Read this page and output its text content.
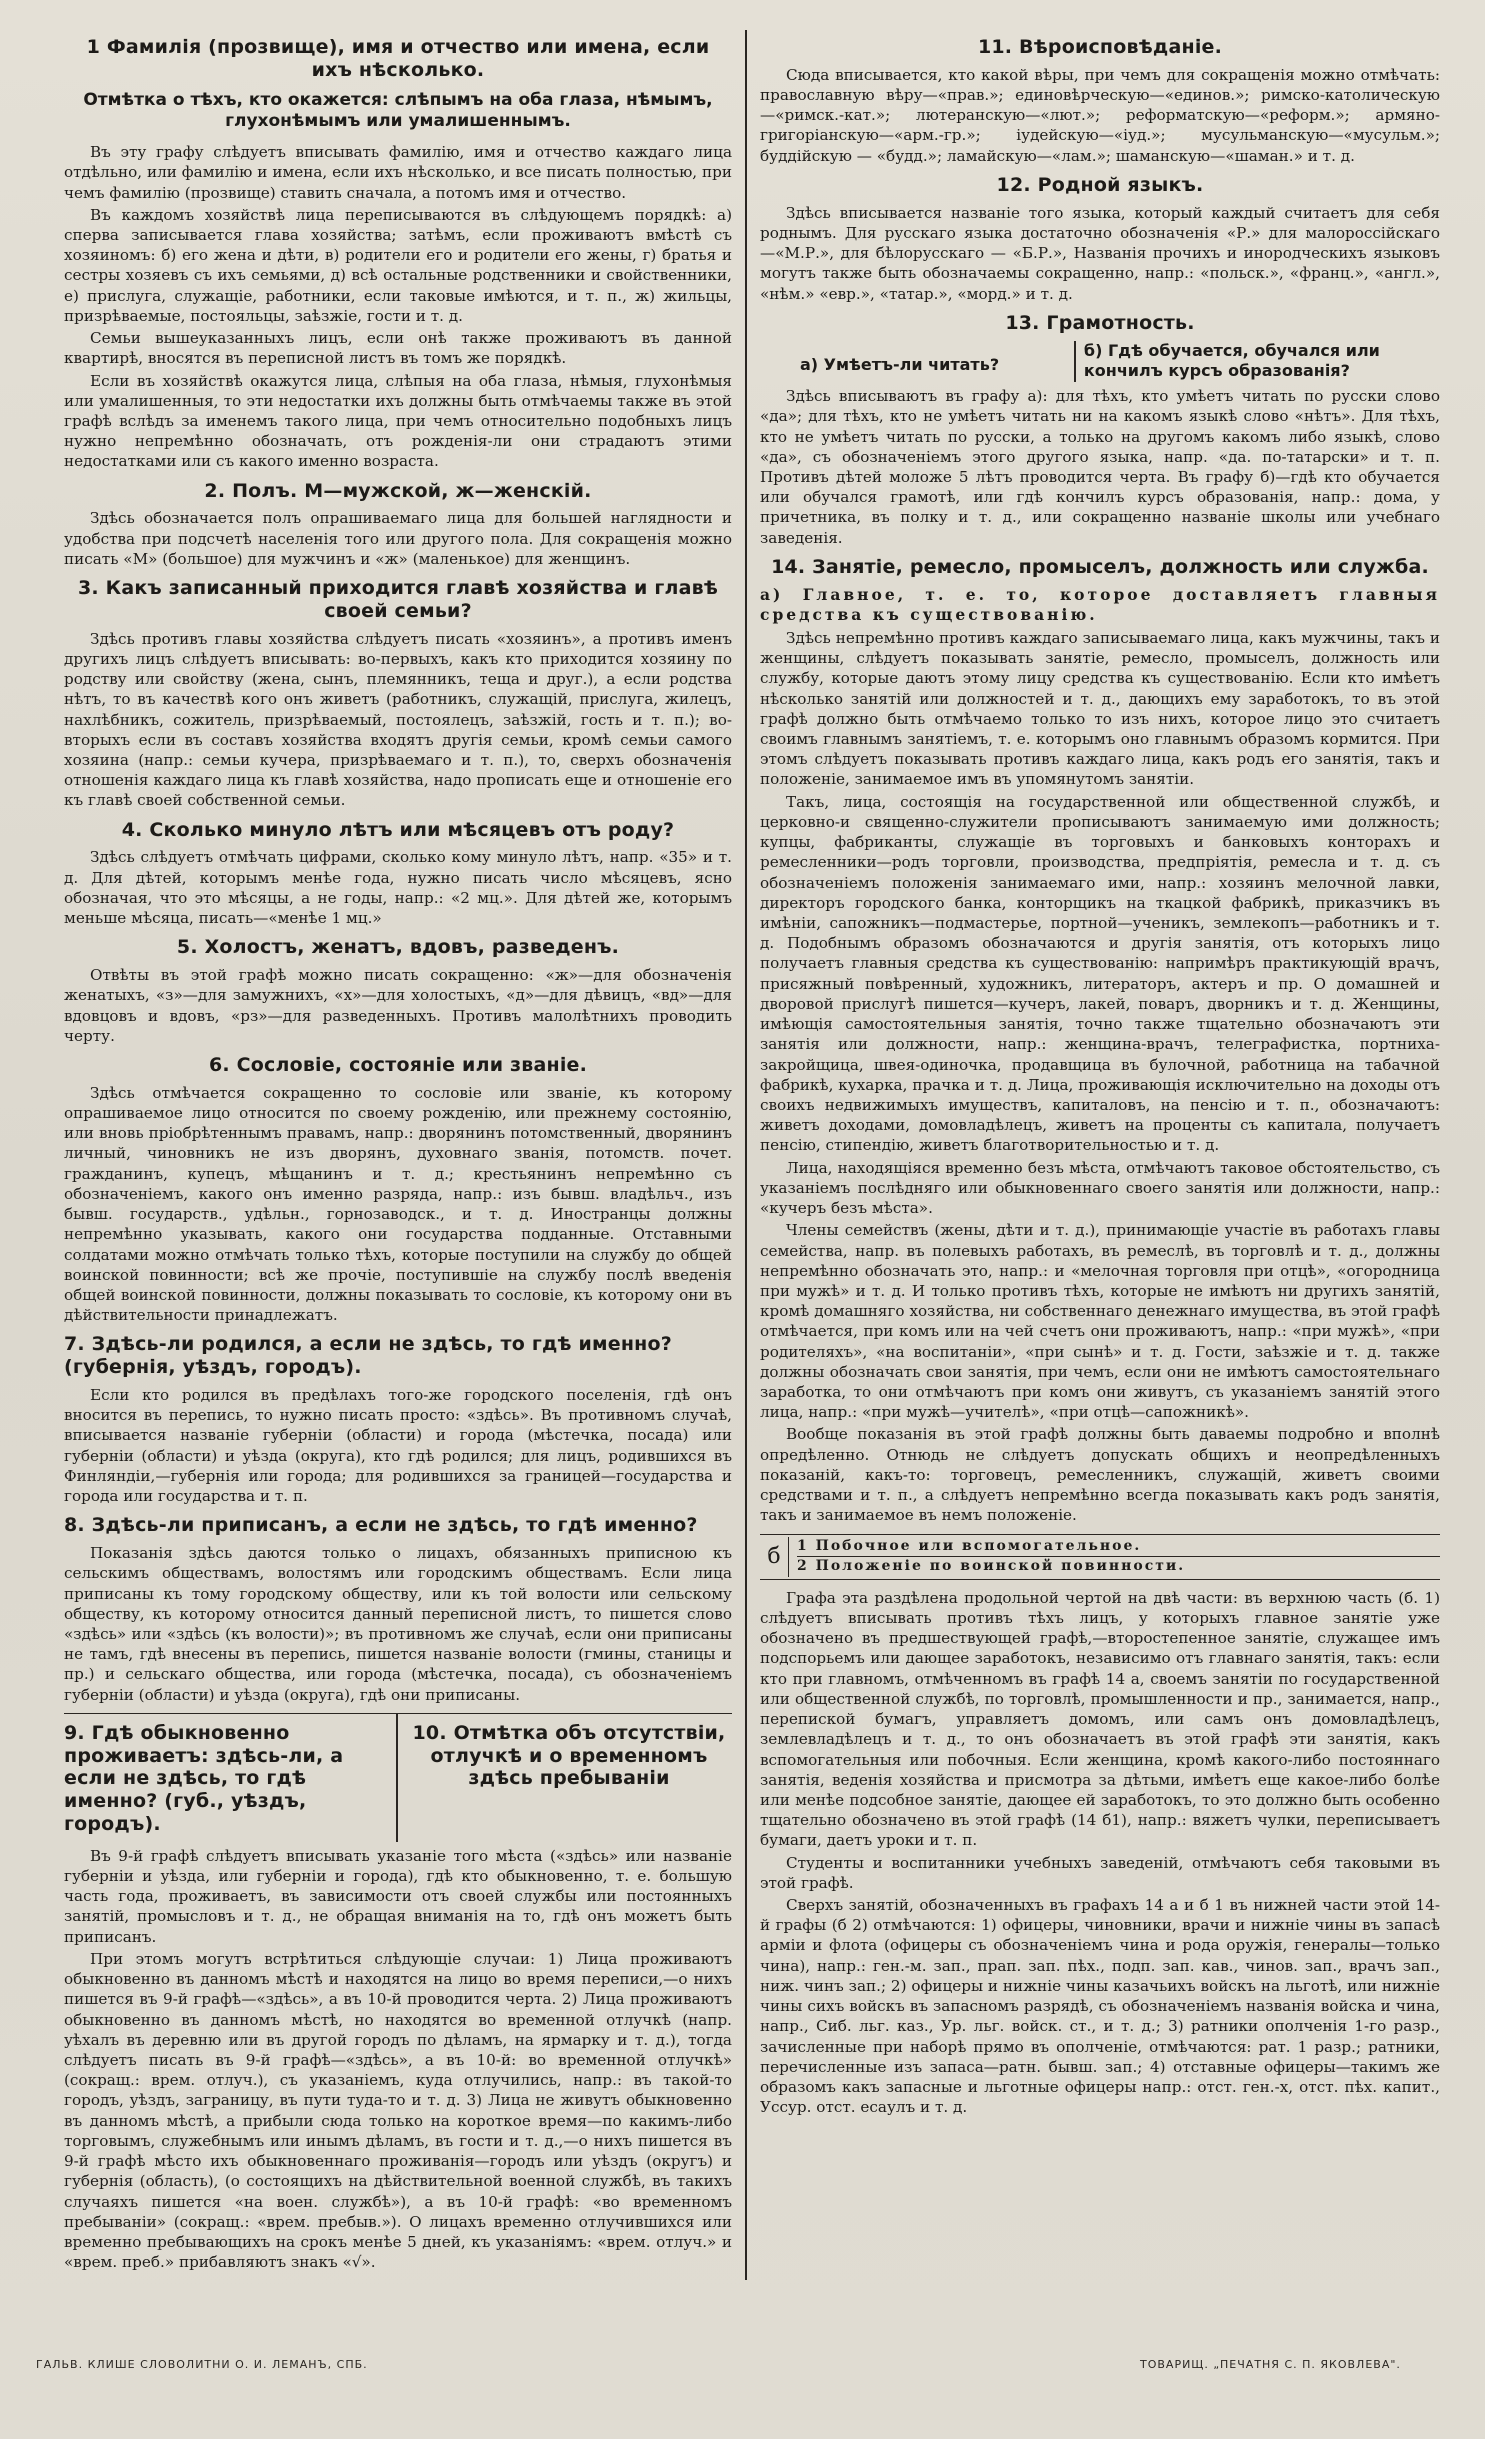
1 Фамилія (прозвище), имя и отчество или имена, если ихъ нѣсколько.
Отмѣтка о тѣхъ, кто окажется: слѣпымъ на оба глаза, нѣмымъ, глухонѣмымъ или умалишеннымъ.

Въ эту графу слѣдуетъ вписывать фамилію, имя и отчество каждаго лица отдѣльно, или фамилію и имена, если ихъ нѣсколько, и все писать полностью, при чемъ фамилію (прозвище) ставить сначала, а потомъ имя и отчество.

Въ каждомъ хозяйствѣ лица переписываются въ слѣдующемъ порядкѣ: а) сперва записывается глава хозяйства; затѣмъ, если проживаютъ вмѣстѣ съ хозяиномъ: б) его жена и дѣти, в) родители его и родители его жены, г) братья и сестры хозяевъ съ ихъ семьями, д) всѣ остальные родственники и свойственники, е) прислуга, служащіе, работники, если таковые имѣются, и т. п., ж) жильцы, призрѣваемые, постояльцы, заѣзжіе, гости и т. д.

Семьи вышеуказанныхъ лицъ, если онѣ также проживаютъ въ данной квартирѣ, вносятся въ переписной листъ въ томъ же порядкѣ.

Если въ хозяйствѣ окажутся лица, слѣпыя на оба глаза, нѣмыя, глухонѣмыя или умалишенныя, то эти недостатки ихъ должны быть отмѣчаемы также въ этой графѣ вслѣдъ за именемъ такого лица, при чемъ относительно подобныхъ лицъ нужно непремѣнно обозначать, отъ рожденія-ли они страдаютъ этими недостатками или съ какого именно возраста.

2. Полъ. М—мужской, ж—женскій.

Здѣсь обозначается полъ опрашиваемаго лица для большей наглядности и удобства при подсчетѣ населенія того или другого пола. Для сокращенія можно писать «М» (большое) для мужчинъ и «ж» (маленькое) для женщинъ.

3. Какъ записанный приходится главѣ хозяйства и главѣ своей семьи?

Здѣсь противъ главы хозяйства слѣдуетъ писать «хозяинъ», а противъ именъ другихъ лицъ слѣдуетъ вписывать: во-первыхъ, какъ кто приходится хозяину по родству или свойству (жена, сынъ, племянникъ, теща и друг.), а если родства нѣтъ, то въ качествѣ кого онъ живетъ (работникъ, служащій, прислуга, жилецъ, нахлѣбникъ, сожитель, призрѣваемый, постоялецъ, заѣзжій, гость и т. п.); во-вторыхъ если въ составъ хозяйства входятъ другія семьи, кромѣ семьи самого хозяина (напр.: семьи кучера, призрѣваемаго и т. п.), то, сверхъ обозначенія отношенія каждаго лица къ главѣ хозяйства, надо прописать еще и отношеніе его къ главѣ своей собственной семьи.

4. Сколько минуло лѣтъ или мѣсяцевъ отъ роду?

Здѣсь слѣдуетъ отмѣчать цифрами, сколько кому минуло лѣтъ, напр. «35» и т. д. Для дѣтей, которымъ менѣе года, нужно писать число мѣсяцевъ, ясно обозначая, что это мѣсяцы, а не годы, напр.: «2 мц.». Для дѣтей же, которымъ меньше мѣсяца, писать—«менѣе 1 мц.»

5. Холостъ, женатъ, вдовъ, разведенъ.

Отвѣты въ этой графѣ можно писать сокращенно: «ж»—для обозначенія женатыхъ, «з»—для замужнихъ, «х»—для холостыхъ, «д»—для дѣвицъ, «вд»—для вдовцовъ и вдовъ, «рз»—для разведенныхъ. Противъ малолѣтнихъ проводить черту.

6. Сословіе, состояніе или званіе.

Здѣсь отмѣчается сокращенно то сословіе или званіе, къ которому опрашиваемое лицо относится по своему рожденію, или прежнему состоянію, или вновь пріобрѣтеннымъ правамъ, напр.: дворянинъ потомственный, дворянинъ личный, чиновникъ не изъ дворянъ, духовнаго званія, потомств. почет. гражданинъ, купецъ, мѣщанинъ и т. д.; крестьянинъ непремѣнно съ обозначеніемъ, какого онъ именно разряда, напр.: изъ бывш. владѣльч., изъ бывш. государств., удѣльн., горнозаводск., и т. д. Иностранцы должны непремѣнно указывать, какого они государства подданные. Отставными солдатами можно отмѣчать только тѣхъ, которые поступили на службу до общей воинской повинности; всѣ же прочіе, поступившіе на службу послѣ введенія общей воинской повинности, должны показывать то сословіе, къ которому они въ дѣйствительности принадлежатъ.

7. Здѣсь-ли родился, а если не здѣсь, то гдѣ именно? (губернія, уѣздъ, городъ).

Если кто родился въ предѣлахъ того-же городского поселенія, гдѣ онъ вносится въ перепись, то нужно писать просто: «здѣсь». Въ противномъ случаѣ, вписывается названіе губерніи (области) и города (мѣстечка, посада) или губерніи (области) и уѣзда (округа), кто гдѣ родился; для лицъ, родившихся въ Финляндіи,—губернія или города; для родившихся за границей—государства и города или государства и т. п.

8. Здѣсь-ли приписанъ, а если не здѣсь, то гдѣ именно?

Показанія здѣсь даются только о лицахъ, обязанныхъ приписною къ сельскимъ обществамъ, волостямъ или городскимъ обществамъ. Если лица приписаны къ тому городскому обществу, или къ той волости или сельскому обществу, къ которому относится данный переписной листъ, то пишется слово «здѣсь» или «здѣсь (къ волости)»; въ противномъ же случаѣ, если они приписаны не тамъ, гдѣ внесены въ перепись, пишется названіе волости (гмины, станицы и пр.) и сельскаго общества, или города (мѣстечка, посада), съ обозначеніемъ губерніи (области) и уѣзда (округа), гдѣ они приписаны.

9. Гдѣ обыкновенно проживаетъ: здѣсь-ли, а если не здѣсь, то гдѣ именно? (губ., уѣздъ, городъ).
10. Отмѣтка объ отсутствіи, отлучкѣ и о временномъ здѣсь пребываніи

Въ 9-й графѣ слѣдуетъ вписывать указаніе того мѣста («здѣсь» или названіе губерніи и уѣзда, или губерніи и города), гдѣ кто обыкновенно, т. е. большую часть года, проживаетъ, въ зависимости отъ своей службы или постоянныхъ занятій, промысловъ и т. д., не обращая вниманія на то, гдѣ онъ можетъ быть приписанъ.

При этомъ могутъ встрѣтиться слѣдующіе случаи: 1) Лица проживаютъ обыкновенно въ данномъ мѣстѣ и находятся на лицо во время переписи,—о нихъ пишется въ 9-й графѣ—«здѣсь», а въ 10-й проводится черта. 2) Лица проживаютъ обыкновенно въ данномъ мѣстѣ, но находятся во временной отлучкѣ (напр. уѣхалъ въ деревню или въ другой городъ по дѣламъ, на ярмарку и т. д.), тогда слѣдуетъ писать въ 9-й графѣ—«здѣсь», а въ 10-й: во временной отлучкѣ» (сокращ.: врем. отлуч.), съ указаніемъ, куда отлучились, напр.: въ такой-то городъ, уѣздъ, заграницу, въ пути туда-то и т. д. 3) Лица не живутъ обыкновенно въ данномъ мѣстѣ, а прибыли сюда только на короткое время—по какимъ-либо торговымъ, служебнымъ или инымъ дѣламъ, въ гости и т. д.,—о нихъ пишется въ 9-й графѣ мѣсто ихъ обыкновеннаго проживанія—городъ или уѣздъ (округъ) и губернія (область), (о состоящихъ на дѣйствительной военной службѣ, въ такихъ случаяхъ пишется «на воен. службѣ»), а въ 10-й графѣ: «во временномъ пребываніи» (сокращ.: «врем. пребыв.»). О лицахъ временно отлучившихся или временно пребывающихъ на срокъ менѣе 5 дней, къ указаніямъ: «врем. отлуч.» и «врем. преб.» прибавляютъ знакъ «√».

11. Вѣроисповѣданіе.

Сюда вписывается, кто какой вѣры, при чемъ для сокращенія можно отмѣчать: православную вѣру—«прав.»; единовѣрческую—«единов.»; римско-католическую—«римск.-кат.»; лютеранскую—«лют.»; реформатскую—«реформ.»; армяно-григоріанскую—«арм.-гр.»; іудейскую—«іуд.»; мусульманскую—«мусульм.»; буддійскую — «будд.»; ламайскую—«лам.»; шаманскую—«шаман.» и т. д.

12. Родной языкъ.

Здѣсь вписывается названіе того языка, который каждый считаетъ для себя роднымъ. Для русскаго языка достаточно обозначенія «Р.» для малороссійскаго—«М.Р.», для бѣлорусскаго — «Б.Р.», Названія прочихъ и инородческихъ языковъ могутъ также быть обозначаемы сокращенно, напр.: «польск.», «франц.», «англ.», «нѣм.» «евр.», «татар.», «морд.» и т. д.

13. Грамотность.
а) Умѣетъ-ли читать?
б) Гдѣ обучается, обучался или кончилъ курсъ образованія?

Здѣсь вписываютъ въ графу а): для тѣхъ, кто умѣетъ читать по русски слово «да»; для тѣхъ, кто не умѣетъ читать ни на какомъ языкѣ слово «нѣтъ». Для тѣхъ, кто не умѣетъ читать по русски, а только на другомъ какомъ либо языкѣ, слово «да», съ обозначеніемъ этого другого языка, напр. «да. по-татарски» и т. п. Противъ дѣтей моложе 5 лѣтъ проводится черта. Въ графу б)—гдѣ кто обучается или обучался грамотѣ, или гдѣ кончилъ курсъ образованія, напр.: дома, у причетника, въ полку и т. д., или сокращенно названіе школы или учебнаго заведенія.

14. Занятіе, ремесло, промыселъ, должность или служба.

а) Главное, т. е. то, которое доставляетъ главныя средства къ существованію.

Здѣсь непремѣнно противъ каждаго записываемаго лица, какъ мужчины, такъ и женщины, слѣдуетъ показывать занятіе, ремесло, промыселъ, должность или службу, которые даютъ этому лицу средства къ существованію. Если кто имѣетъ нѣсколько занятій или должностей и т. д., дающихъ ему заработокъ, то въ этой графѣ должно быть отмѣчаемо только то изъ нихъ, которое лицо это считаетъ своимъ главнымъ занятіемъ, т. е. которымъ оно главнымъ образомъ кормится. При этомъ слѣдуетъ показывать противъ каждаго лица, какъ родъ его занятія, такъ и положеніе, занимаемое имъ въ упомянутомъ занятіи.

Такъ, лица, состоящія на государственной или общественной службѣ, и церковно-и священно-служители прописываютъ занимаемую ими должность; купцы, фабриканты, служащіе въ торговыхъ и банковыхъ конторахъ и ремесленники—родъ торговли, производства, предпріятія, ремесла и т. д. съ обозначеніемъ положенія занимаемаго ими, напр.: хозяинъ мелочной лавки, директоръ городского банка, конторщикъ на ткацкой фабрикѣ, приказчикъ въ имѣніи, сапожникъ—подмастерье, портной—ученикъ, землекопъ—работникъ и т. д. Подобнымъ образомъ обозначаются и другія занятія, отъ которыхъ лицо получаетъ главныя средства къ существованію: напримѣръ практикующій врачъ, присяжный повѣренный, художникъ, литераторъ, актеръ и пр. О домашней и дворовой прислугѣ пишется—кучеръ, лакей, поваръ, дворникъ и т. д. Женщины, имѣющія самостоятельныя занятія, точно также тщательно обозначаютъ эти занятія или должности, напр.: женщина-врачъ, телеграфистка, портниха-закройщица, швея-одиночка, продавщица въ булочной, работница на табачной фабрикѣ, кухарка, прачка и т. д. Лица, проживающія исключительно на доходы отъ своихъ недвижимыхъ имуществъ, капиталовъ, на пенсію и т. п., обозначаютъ: живетъ доходами, домовладѣлецъ, живетъ на проценты съ капитала, получаетъ пенсію, стипендію, живетъ благотворительностью и т. д.

Лица, находящіяся временно безъ мѣста, отмѣчаютъ таковое обстоятельство, съ указаніемъ послѣдняго или обыкновеннаго своего занятія или должности, напр.: «кучеръ безъ мѣста».

Члены семействъ (жены, дѣти и т. д.), принимающіе участіе въ работахъ главы семейства, напр. въ полевыхъ работахъ, въ ремеслѣ, въ торговлѣ и т. д., должны непремѣнно обозначать это, напр.: и «мелочная торговля при отцѣ», «огородница при мужѣ» и т. д. И только противъ тѣхъ, которые не имѣютъ ни другихъ занятій, кромѣ домашняго хозяйства, ни собственнаго денежнаго имущества, въ этой графѣ отмѣчается, при комъ или на чей счетъ они проживаютъ, напр.: «при мужѣ», «при родителяхъ», «на воспитаніи», «при сынѣ» и т. д. Гости, заѣзжіе и т. д. также должны обозначать свои занятія, при чемъ, если они не имѣютъ самостоятельнаго заработка, то они отмѣчаютъ при комъ они живутъ, съ указаніемъ занятій этого лица, напр.: «при мужѣ—учителѣ», «при отцѣ—сапожникѣ».

Вообще показанія въ этой графѣ должны быть даваемы подробно и вполнѣ опредѣленно. Отнюдь не слѣдуетъ допускать общихъ и неопредѣленныхъ показаній, какъ-то: торговецъ, ремесленникъ, служащій, живетъ своими средствами и т. п., а слѣдуетъ непремѣнно всегда показывать какъ родъ занятія, такъ и занимаемое въ немъ положеніе.

б	1 Побочное или вспомогательное.
2 Положеніе по воинской повинности.

Графа эта раздѣлена продольной чертой на двѣ части: въ верхнюю часть (б. 1) слѣдуетъ вписывать противъ тѣхъ лицъ, у которыхъ главное занятіе уже обозначено въ предшествующей графѣ,—второстепенное занятіе, служащее имъ подспорьемъ или дающее заработокъ, независимо отъ главнаго занятія, такъ: если кто при главномъ, отмѣченномъ въ графѣ 14 а, своемъ занятіи по государственной или общественной службѣ, по торговлѣ, промышленности и пр., занимается, напр., перепиской бумагъ, управляетъ домомъ, или самъ онъ домовладѣлецъ, землевладѣлецъ и т. д., то онъ обозначаетъ въ этой графѣ эти занятія, какъ вспомогательныя или побочныя. Если женщина, кромѣ какого-либо постояннаго занятія, веденія хозяйства и присмотра за дѣтьми, имѣетъ еще какое-либо болѣе или менѣе подсобное занятіе, дающее ей заработокъ, то это должно быть особенно тщательно обозначено въ этой графѣ (14 б1), напр.: вяжетъ чулки, переписываетъ бумаги, даетъ уроки и т. п.

Студенты и воспитанники учебныхъ заведеній, отмѣчаютъ себя таковыми въ этой графѣ.

Сверхъ занятій, обозначенныхъ въ графахъ 14 а и б 1 въ нижней части этой 14-й графы (б 2) отмѣчаются: 1) офицеры, чиновники, врачи и нижніе чины въ запасѣ арміи и флота (офицеры съ обозначеніемъ чина и рода оружія, генералы—только чина), напр.: ген.-м. зап., прап. зап. пѣх., подп. зап. кав., чинов. зап., врачъ зап., ниж. чинъ зап.; 2) офицеры и нижніе чины казачьихъ войскъ на льготѣ, или нижніе чины сихъ войскъ въ запасномъ разрядѣ, съ обозначеніемъ названія войска и чина, напр., Сиб. льг. каз., Ур. льг. войск. ст., и т. д.; 3) ратники ополченія 1-го разр., зачисленные при наборѣ прямо въ ополченіе, отмѣчаются: рат. 1 разр.; ратники, перечисленные изъ запаса—ратн. бывш. зап.; 4) отставные офицеры—такимъ же образомъ какъ запасные и льготные офицеры напр.: отст. ген.-х, отст. пѣх. капит., Уссур. отст. есаулъ и т. д.

ГАЛЬВ. КЛИШЕ СЛОВОЛИТНИ О. И. ЛЕМАНЪ, СПБ.	ТОВАРИЩ. „ПЕЧАТНЯ С. П. ЯКОВЛЕВА".
